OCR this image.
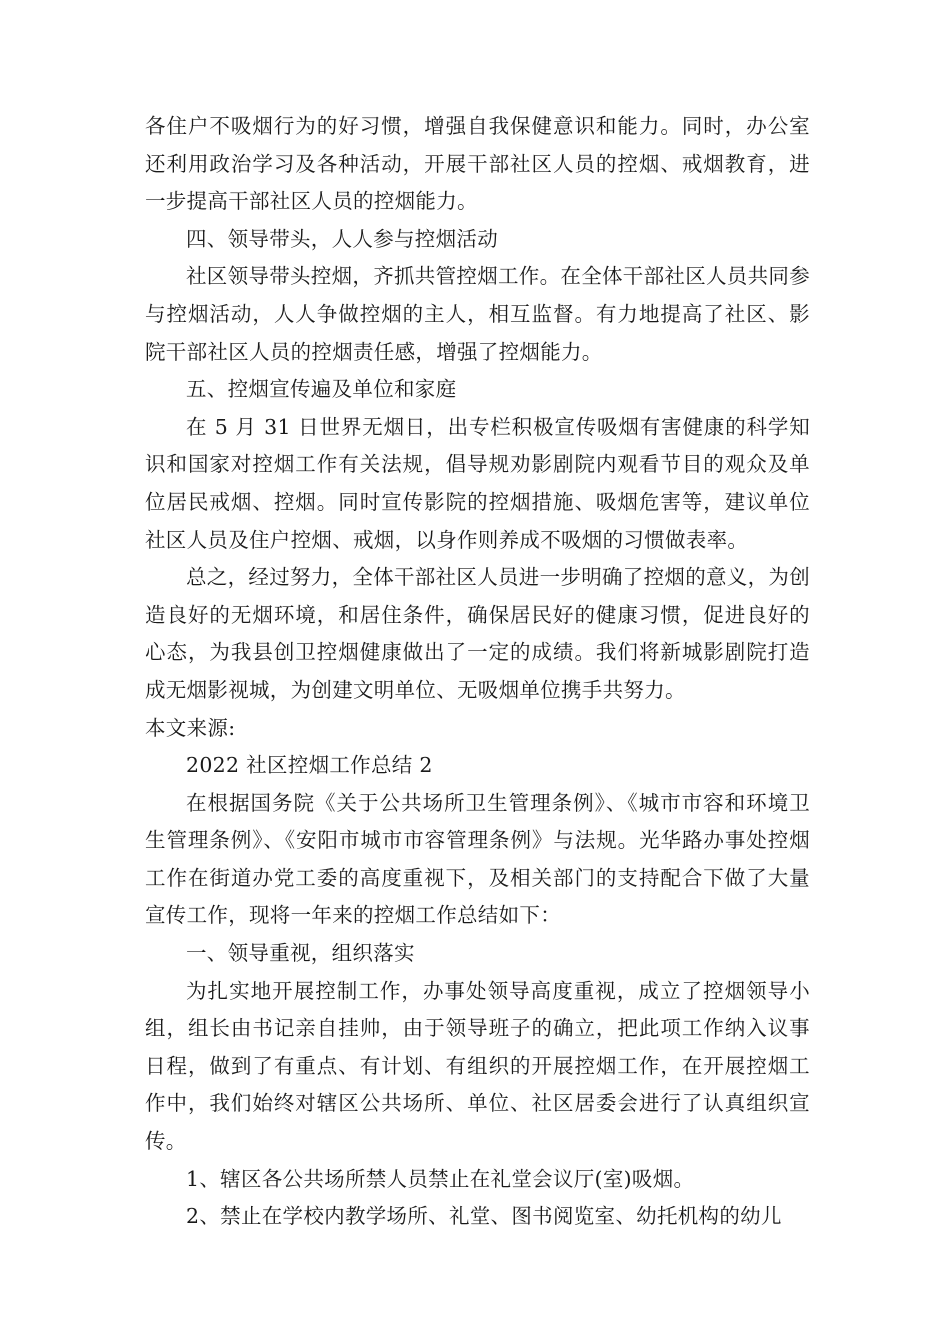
各住户不吸烟行为的好习惯，增强自我保健意识和能力。同时，办公室还利用政治学习及各种活动，开展干部社区人员的控烟、戒烟教育，进一步提高干部社区人员的控烟能力。

四、领导带头，人人参与控烟活动

社区领导带头控烟，齐抓共管控烟工作。在全体干部社区人员共同参与控烟活动，人人争做控烟的主人，相互监督。有力地提高了社区、影院干部社区人员的控烟责任感，增强了控烟能力。

五、控烟宣传遍及单位和家庭

在 5 月 31 日世界无烟日，出专栏积极宣传吸烟有害健康的科学知识和国家对控烟工作有关法规，倡导规劝影剧院内观看节目的观众及单位居民戒烟、控烟。同时宣传影院的控烟措施、吸烟危害等，建议单位社区人员及住户控烟、戒烟，以身作则养成不吸烟的习惯做表率。

总之，经过努力，全体干部社区人员进一步明确了控烟的意义，为创造良好的无烟环境，和居住条件，确保居民好的健康习惯，促进良好的心态，为我县创卫控烟健康做出了一定的成绩。我们将新城影剧院打造成无烟影视城，为创建文明单位、无吸烟单位携手共努力。

本文来源:

2022 社区控烟工作总结 2

在根据国务院《关于公共场所卫生管理条例》、《城市市容和环境卫生管理条例》、《安阳市城市市容管理条例》与法规。光华路办事处控烟工作在街道办党工委的高度重视下，及相关部门的支持配合下做了大量宣传工作，现将一年来的控烟工作总结如下：

一、领导重视，组织落实

为扎实地开展控制工作，办事处领导高度重视，成立了控烟领导小组，组长由书记亲自挂帅，由于领导班子的确立，把此项工作纳入议事日程，做到了有重点、有计划、有组织的开展控烟工作，在开展控烟工作中，我们始终对辖区公共场所、单位、社区居委会进行了认真组织宣传。

1、辖区各公共场所禁人员禁止在礼堂会议厅(室)吸烟。

2、禁止在学校内教学场所、礼堂、图书阅览室、幼托机构的幼儿
